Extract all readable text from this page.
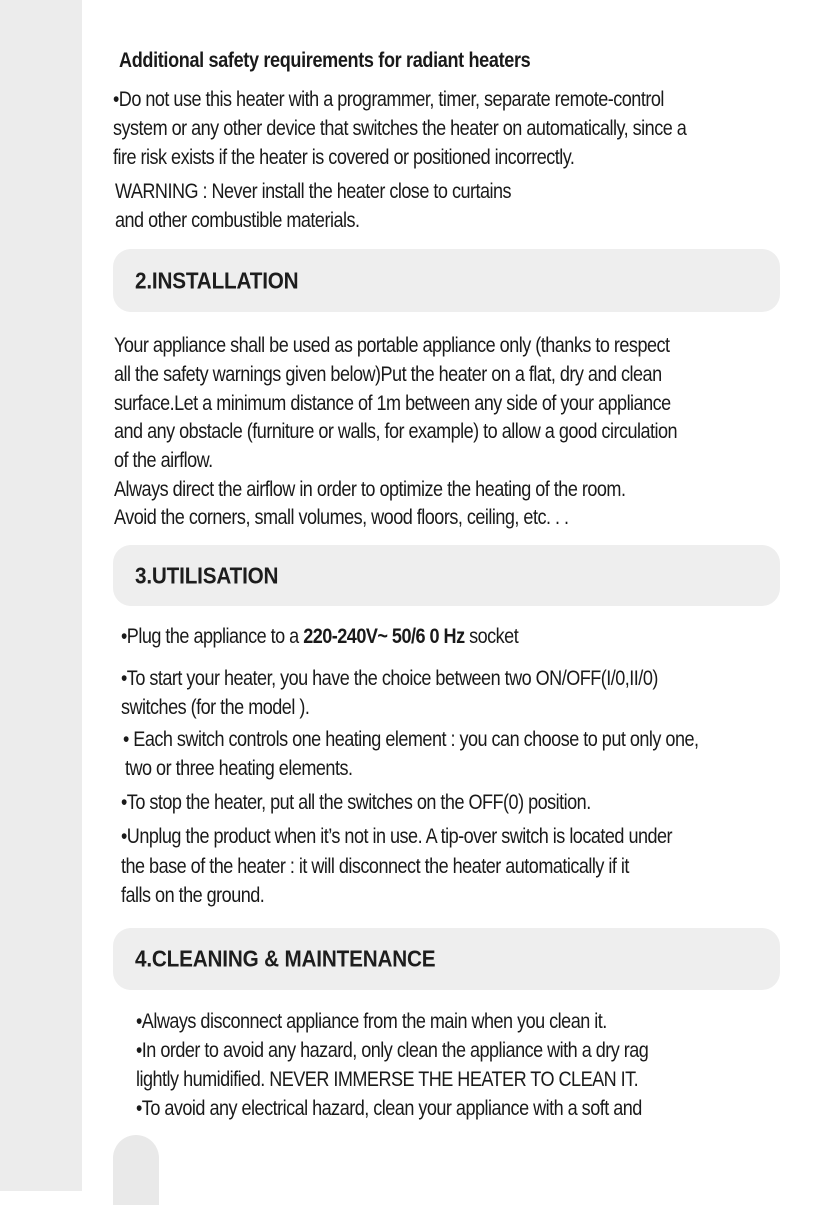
Additional safety requirements for radiant heaters

•Do not use this heater with a programmer, timer, separate remote-control

system or any other device that switches the heater on automatically, since a

fire risk exists if the heater is covered or positioned incorrectly.

WARNING : Never install the heater close to curtains

and other combustible materials.

2.INSTALLATION

Your appliance shall be used as portable appliance only (thanks to respect

all the safety warnings given below)Put the heater on a flat, dry and clean

surface.Let a minimum distance of 1m between any side of your appliance

and any obstacle (furniture or walls, for example) to allow a good circulation

of the airflow.

Always direct the airflow in order to optimize the heating of the room.

Avoid the corners, small volumes, wood floors, ceiling, etc. . .

3.UTILISATION

•Plug the appliance to a 220-240V~ 50/6 0 Hz socket

•To start your heater, you have the choice between two ON/OFF(I/0,II/0)

switches (for the model ).

• Each switch controls one heating element : you can choose to put only one,

two or three heating elements.

•To stop the heater, put all the switches on the OFF(0) position.

•Unplug the product when it’s not in use. A tip-over switch is located under

the base of the heater : it will disconnect the heater automatically if it

falls on the ground.

4.CLEANING & MAINTENANCE

•Always disconnect appliance from the main when you clean it.

•In order to avoid any hazard, only clean the appliance with a dry rag

lightly humidified. NEVER IMMERSE THE HEATER TO CLEAN IT.

•To avoid any electrical hazard, clean your appliance with a soft and
